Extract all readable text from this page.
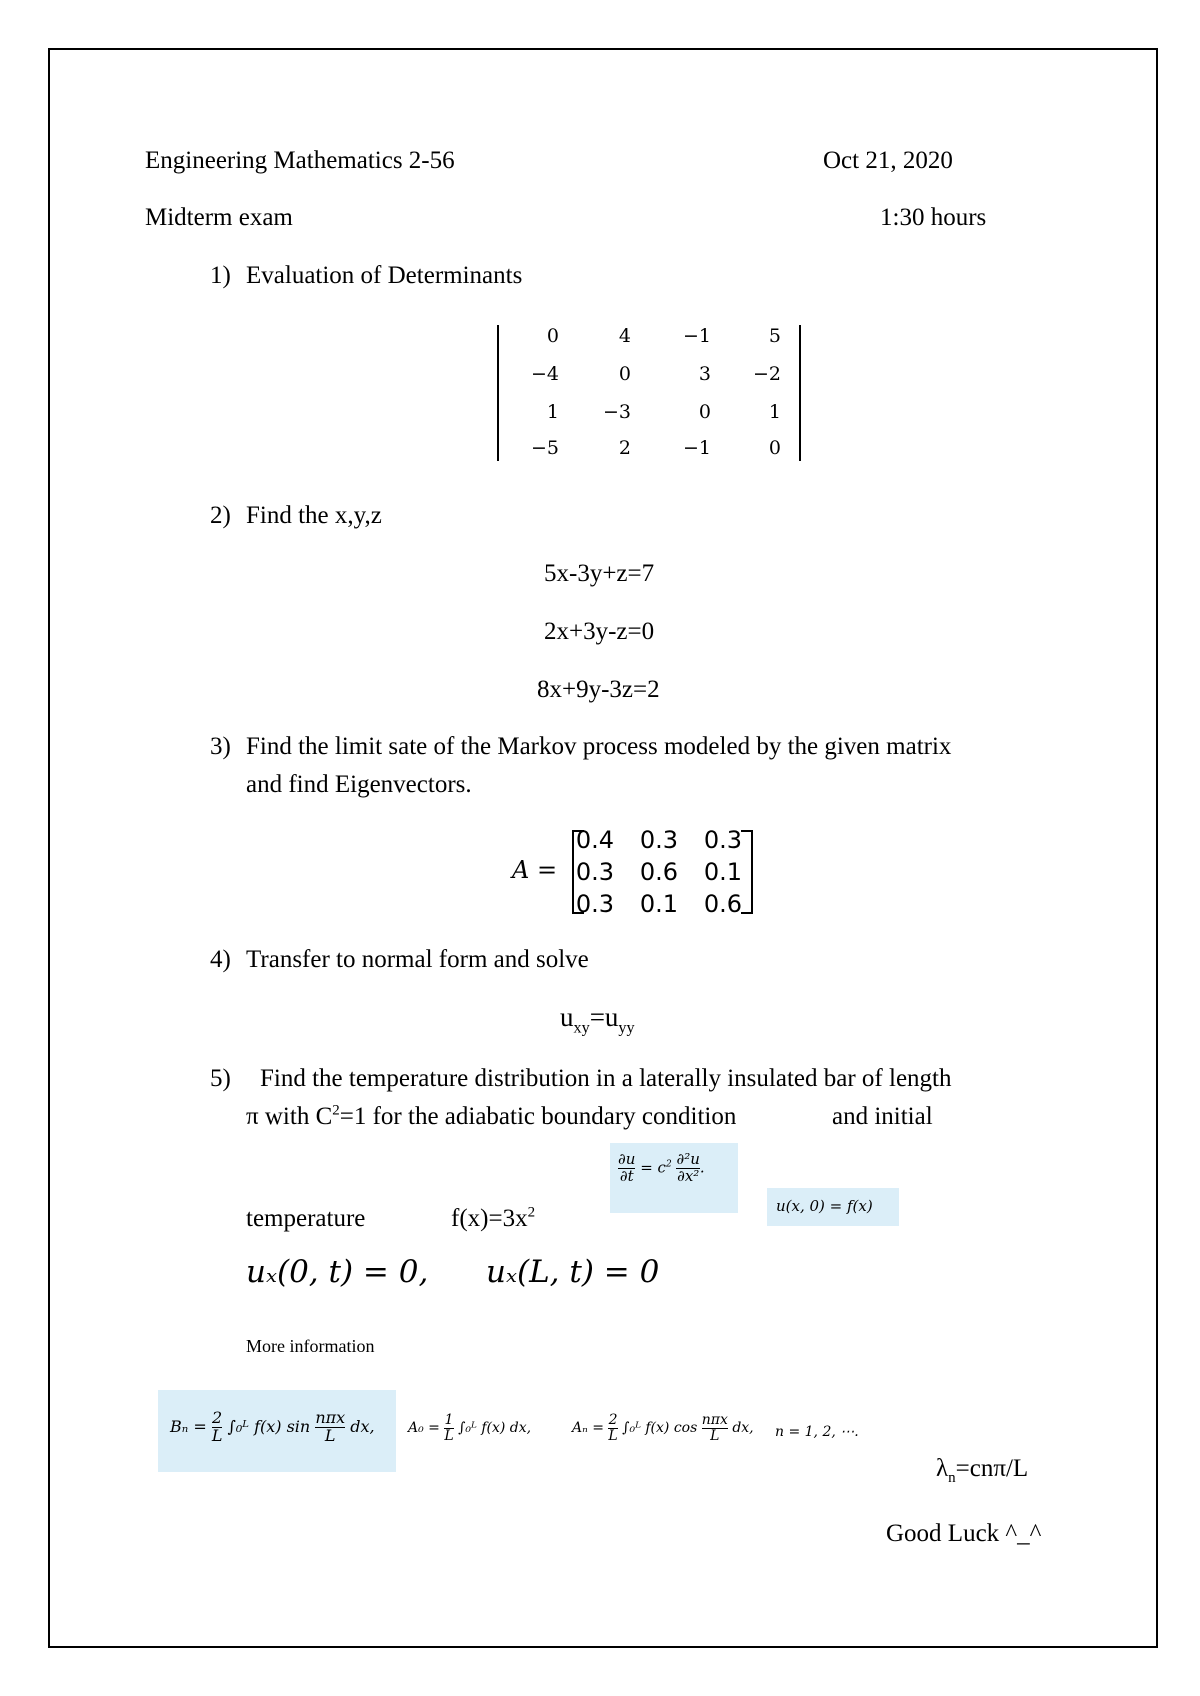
Engineering Mathematics 2-56	Oct 21, 2020
Midterm exam	1:30 hours
1) Evaluation of Determinants
0	4	−1	5
−4	0	3	−2
1	−3	0	1
−5	2	−1	0
2) Find the x,y,z
5x-3y+z=7
2x+3y-z=0
8x+9y-3z=2
3) Find the limit sate of the Markov process modeled by the given matrix
and find Eigenvectors.
A =
0.4	0.3	0.3
0.3	0.6	0.1
0.3	0.1	0.6
4) Transfer to normal form and solve
$u_{xy}=u_{yy}$
5) Find the temperature distribution in a laterally insulated bar of length
π with $C^2=1$ for the adiabatic boundary condition	and initial
$\frac{\partial u}{\partial t} = c^2 \frac{\text{∂²u}}{\text{∂x²}}$ .
u(x, 0) = f(x)
temperature	$f(x)=3x^2$
uₓ(0, t) = 0, uₓ(L, t) = 0
More information
$B_n = \frac{2}{L}$ ∫₀ᴸ f(x) $\sin \frac{\text{nπx}}{L}$ dx, $A_0 = \frac{1}{L}$ ∫₀ᴸ f(x) dx,	$A_n = \frac{2}{L}$ ∫₀ᴸ f(x) $\cos \frac{\text{nπx}}{L}$ dx, n = 1, 2, ⋯.
$\lambda_n=cn\pi/L$
Good Luck ^_^
